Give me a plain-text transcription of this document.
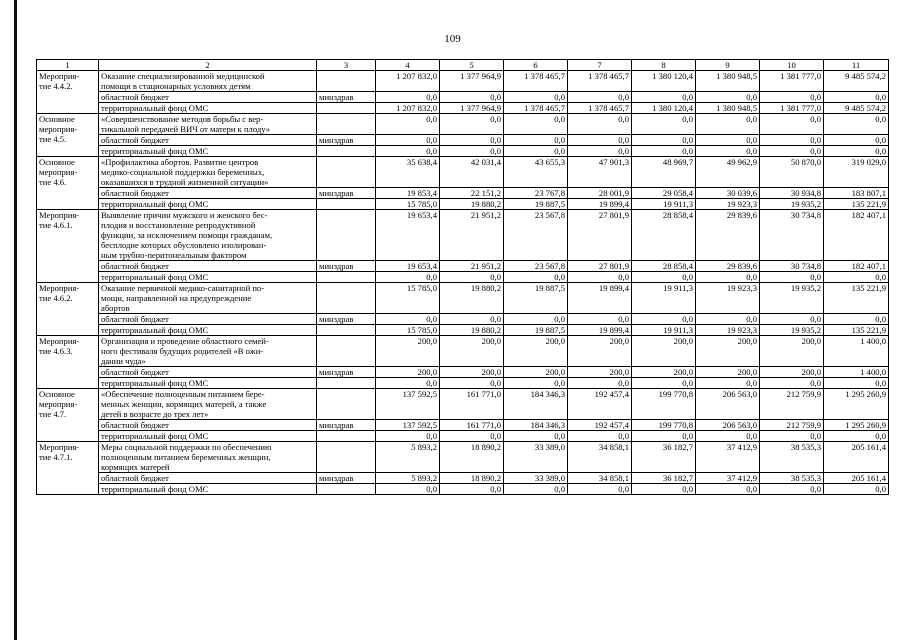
109
1	2	3	4	5	6	7	8	9	10	11
Мероприя-
тие 4.4.2.	Оказание специализированной медицинской
помощи в стационарных условиях детям		1 207 832,0	1 377 964,9	1 378 465,7	1 378 465,7	1 380 120,4	1 380 948,5	1 381 777,0	9 485 574,2
	областной бюджет	минздрав	0,0	0,0	0,0	0,0	0,0	0,0	0,0	0,0
	территориальный фонд ОМС		1 207 832,0	1 377 964,9	1 378 465,7	1 378 465,7	1 380 120,4	1 380 948,5	1 381 777,0	9 485 574,2
Основное
мероприя-
тие 4.5.	«Совершенствование методов борьбы с вер-
тикальной передачей ВИЧ от матери к плоду»		0,0	0,0	0,0	0,0	0,0	0,0	0,0	0,0
	областной бюджет	минздрав	0,0	0,0	0,0	0,0	0,0	0,0	0,0	0,0
	территориальный фонд ОМС		0,0	0,0	0,0	0,0	0,0	0,0	0,0	0,0
Основное
мероприя-
тие 4.6.	«Профилактика абортов. Развитие центров
медико-социальной поддержки беременных,
оказавшихся в трудной жизненной ситуации»		35 638,4	42 031,4	43 655,3	47 901,3	48 969,7	49 962,9	50 870,0	319 029,0
	областной бюджет	минздрав	19 853,4	22 151,2	23 767,8	28 001,9	29 058,4	30 039,6	30 934,8	183 807,1
	территориальный фонд ОМС		15 785,0	19 880,2	19 887,5	19 899,4	19 911,3	19 923,3	19 935,2	135 221,9
Мероприя-
тие 4.6.1.	Выявление причин мужского и женского бес-
плодия и восстановление репродуктивной
функции, за исключением помощи гражданам,
бесплодие которых обусловлено изолирован-
ным трубно-перитонеальным фактором		19 653,4	21 951,2	23 567,8	27 801,9	28 858,4	29 839,6	30 734,8	182 407,1
	областной бюджет	минздрав	19 653,4	21 951,2	23 567,8	27 801,9	28 858,4	29 839,6	30 734,8	182 407,1
	территориальный фонд ОМС		0,0	0,0	0,0	0,0	0,0	0,0	0,0	0,0
Мероприя-
тие 4.6.2.	Оказание первичной медико-санитарной по-
мощи, направленной на предупреждение
абортов		15 785,0	19 880,2	19 887,5	19 899,4	19 911,3	19 923,3	19 935,2	135 221,9
	областной бюджет	минздрав	0,0	0,0	0,0	0,0	0,0	0,0	0,0	0,0
	территориальный фонд ОМС		15 785,0	19 880,2	19 887,5	19 899,4	19 911,3	19 923,3	19 935,2	135 221,9
Мероприя-
тие 4.6.3.	Организация и проведение областного семей-
ного фестиваля будущих родителей «В ожи-
дании чуда»		200,0	200,0	200,0	200,0	200,0	200,0	200,0	1 400,0
	областной бюджет	минздрав	200,0	200,0	200,0	200,0	200,0	200,0	200,0	1 400,0
	территориальный фонд ОМС		0,0	0,0	0,0	0,0	0,0	0,0	0,0	0,0
Основное
мероприя-
тие 4.7.	«Обеспечение полноценным питанием бере-
менных женщин, кормящих матерей, а также
детей в возрасте до трех лет»		137 592,5	161 771,0	184 346,3	192 457,4	199 770,8	206 563,0	212 759,9	1 295 260,9
	областной бюджет	минздрав	137 592,5	161 771,0	184 346,3	192 457,4	199 770,8	206 563,0	212 759,9	1 295 260,9
	территориальный фонд ОМС		0,0	0,0	0,0	0,0	0,0	0,0	0,0	0,0
Мероприя-
тие 4.7.1.	Меры социальной поддержки по обеспечению
полноценным питанием беременных женщин,
кормящих матерей		5 893,2	18 890,2	33 389,0	34 858,1	36 182,7	37 412,9	38 535,3	205 161,4
	областной бюджет	минздрав	5 893,2	18 890,2	33 389,0	34 858,1	36 182,7	37 412,9	38 535,3	205 161,4
	территориальный фонд ОМС		0,0	0,0	0,0	0,0	0,0	0,0	0,0	0,0
